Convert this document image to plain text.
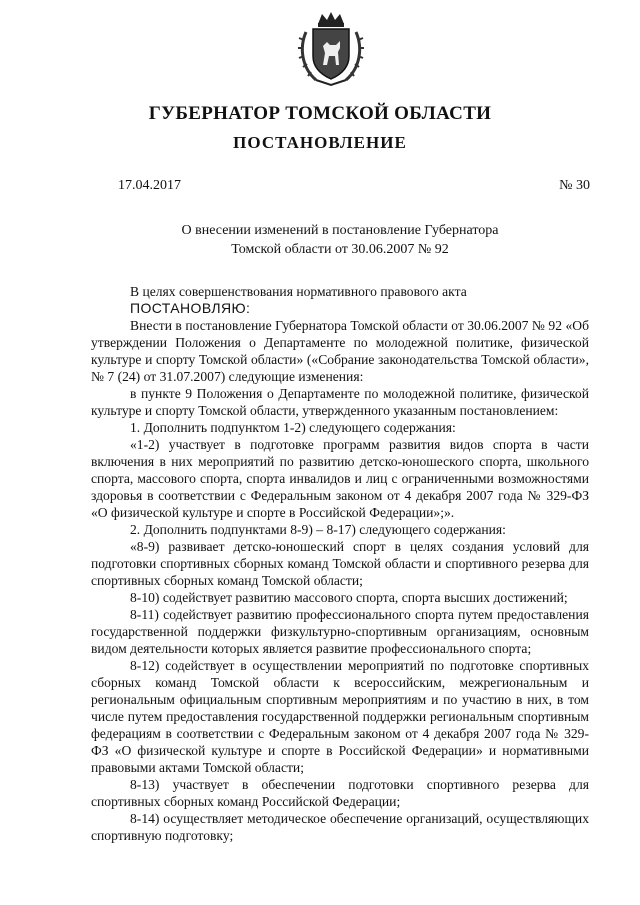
ГУБЕРНАТОР ТОМСКОЙ ОБЛАСТИ
ПОСТАНОВЛЕНИЕ
17.04.2017	№ 30
О внесении изменений в постановление Губернатора
Томской области от 30.06.2007 № 92

В целях совершенствования нормативного правового акта

ПОСТАНОВЛЯЮ:

Внести в постановление Губернатора Томской области от 30.06.2007 № 92 «Об утверждении Положения о Департаменте по молодежной политике, физической культуре и спорту Томской области» («Собрание законодательства Томской области», № 7 (24) от 31.07.2007) следующие изменения:

в пункте 9 Положения о Департаменте по молодежной политике, физической культуре и спорту Томской области, утвержденного указанным постановлением:

1. Дополнить подпунктом 1-2) следующего содержания:

«1-2) участвует в подготовке программ развития видов спорта в части включения в них мероприятий по развитию детско-юношеского спорта, школьного спорта, массового спорта, спорта инвалидов и лиц с ограниченными возможностями здоровья в соответствии с Федеральным законом от 4 декабря 2007 года № 329-ФЗ «О физической культуре и спорте в Российской Федерации»;».

2. Дополнить подпунктами 8-9) – 8-17) следующего содержания:

«8-9) развивает детско-юношеский спорт в целях создания условий для подготовки спортивных сборных команд Томской области и спортивного резерва для спортивных сборных команд Томской области;

8-10) содействует развитию массового спорта, спорта высших достижений;

8-11) содействует развитию профессионального спорта путем предоставления государственной поддержки физкультурно-спортивным организациям, основным видом деятельности которых является развитие профессионального спорта;

8-12) содействует в осуществлении мероприятий по подготовке спортивных сборных команд Томской области к всероссийским, межрегиональным и региональным официальным спортивным мероприятиям и по участию в них, в том числе путем предоставления государственной поддержки региональным спортивным федерациям в соответствии с Федеральным законом от 4 декабря 2007 года № 329-ФЗ «О физической культуре и спорте в Российской Федерации» и нормативными правовыми актами Томской области;

8-13) участвует в обеспечении подготовки спортивного резерва для спортивных сборных команд Российской Федерации;

8-14) осуществляет методическое обеспечение организаций, осуществляющих спортивную подготовку;
